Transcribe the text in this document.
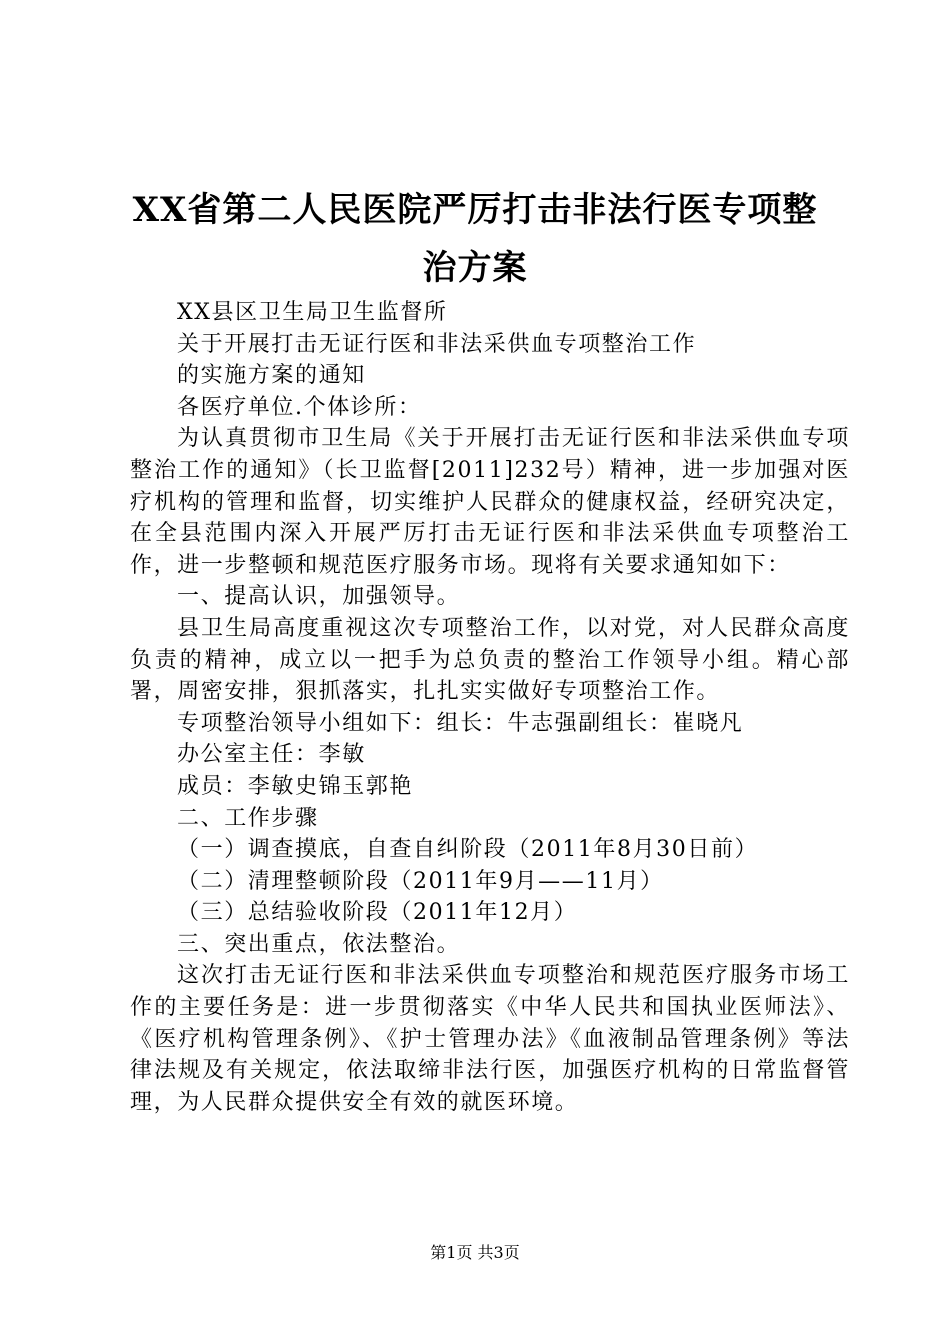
XX省第二人民医院严厉打击非法行医专项整
治方案

XX县区卫生局卫生监督所

关于开展打击无证行医和非法采供血专项整治工作

的实施方案的通知

各医疗单位.个体诊所：

为认真贯彻市卫生局《关于开展打击无证行医和非法采供血专项整治工作的通知》（长卫监督[2011]232号）精神，进一步加强对医疗机构的管理和监督，切实维护人民群众的健康权益，经研究决定，在全县范围内深入开展严厉打击无证行医和非法采供血专项整治工作，进一步整顿和规范医疗服务市场。现将有关要求通知如下：

一、提高认识，加强领导。

县卫生局高度重视这次专项整治工作，以对党，对人民群众高度负责的精神，成立以一把手为总负责的整治工作领导小组。精心部署，周密安排，狠抓落实，扎扎实实做好专项整治工作。

专项整治领导小组如下：组长：牛志强副组长：崔晓凡

办公室主任：李敏

成员：李敏史锦玉郭艳

二、工作步骤

（一）调查摸底，自查自纠阶段（2011年8月30日前）

（二）清理整顿阶段（2011年9月——11月）

（三）总结验收阶段（2011年12月）

三、突出重点，依法整治。

这次打击无证行医和非法采供血专项整治和规范医疗服务市场工作的主要任务是：进一步贯彻落实《中华人民共和国执业医师法》、《医疗机构管理条例》、《护士管理办法》《血液制品管理条例》等法律法规及有关规定，依法取缔非法行医，加强医疗机构的日常监督管理，为人民群众提供安全有效的就医环境。

第1页 共3页
